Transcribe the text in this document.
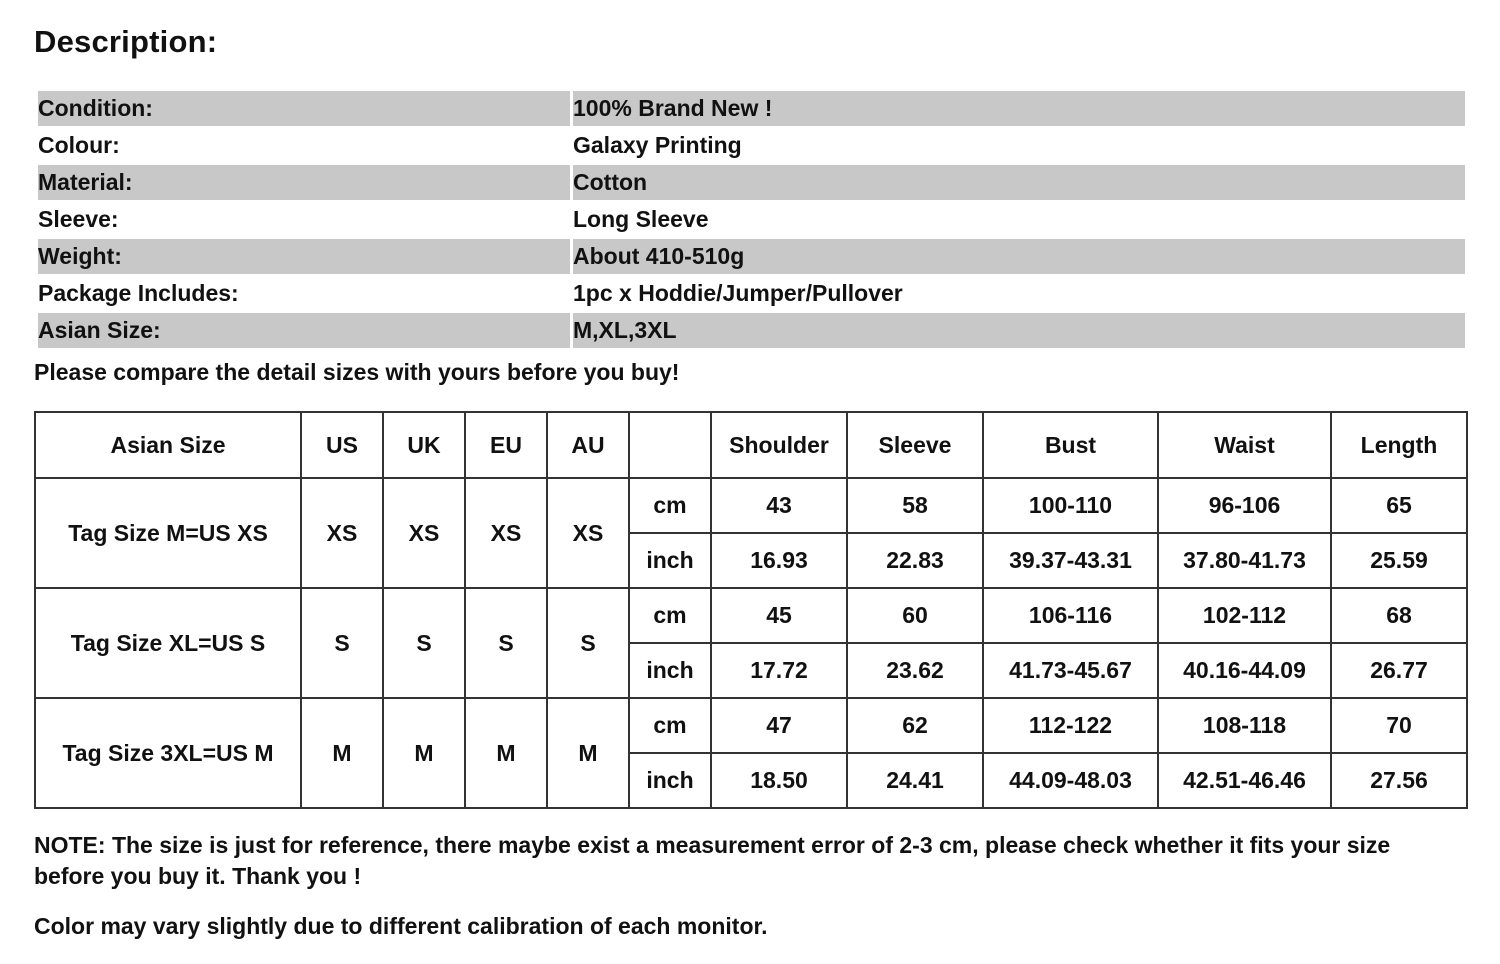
Description:
Condition:	100% Brand New !
Colour:	Galaxy Printing
Material:	Cotton
Sleeve:	Long Sleeve
Weight:	About 410-510g
Package Includes:	1pc x Hoddie/Jumper/Pullover
Asian Size:	M,XL,3XL
Please compare the detail sizes with yours before you buy!
Asian Size	US	UK	EU	AU		Shoulder	Sleeve	Bust	Waist	Length
Tag Size M=US XS	XS	XS	XS	XS	cm	43	58	100-110	96-106	65
					inch	16.93	22.83	39.37-43.31	37.80-41.73	25.59
Tag Size XL=US S	S	S	S	S	cm	45	60	106-116	102-112	68
					inch	17.72	23.62	41.73-45.67	40.16-44.09	26.77
Tag Size 3XL=US M	M	M	M	M	cm	47	62	112-122	108-118	70
					inch	18.50	24.41	44.09-48.03	42.51-46.46	27.56
NOTE: The size is just for reference, there maybe exist a measurement error of 2-3 cm, please check whether it fits your size before you buy it. Thank you !
Color may vary slightly due to different calibration of each monitor.
